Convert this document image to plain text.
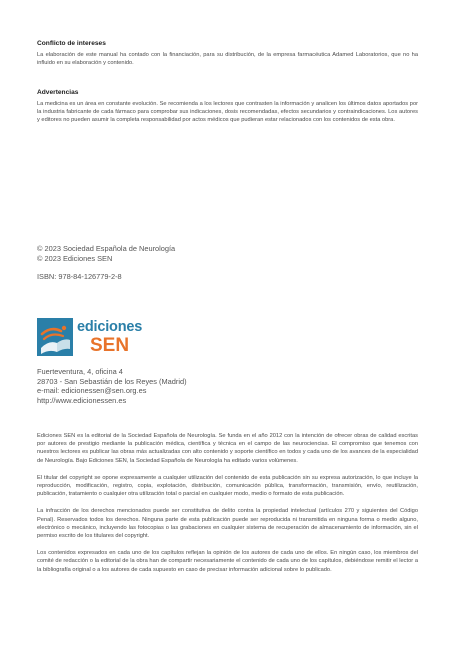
Conflicto de intereses
La elaboración de este manual ha contado con la financiación, para su distribución, de la empresa farmacéutica Adamed Laboratorios, que no ha influido en su elaboración y contenido.
Advertencias
La medicina es un área en constante evolución. Se recomienda a los lectores que contrasten la información y analicen los últimos datos aportados por la industria fabricante de cada fármaco para comprobar sus indicaciones, dosis recomendadas, efectos secundarios y contraindicaciones. Los autores y editores no pueden asumir la completa responsabilidad por actos médicos que pudieran estar relacionados con los contenidos de esta obra.
© 2023 Sociedad Española de Neurología
© 2023 Ediciones SEN
ISBN: 978-84-126779-2-8
ediciones
SEN
Fuerteventura, 4, oficina 4
28703 - San Sebastián de los Reyes (Madrid)
e-mail: edicionessen@sen.org.es
http://www.edicionessen.es
Ediciones SEN es la editorial de la Sociedad Española de Neurología. Se funda en el año 2012 con la intención de ofrecer obras de calidad escritas por autores de prestigio mediante la publicación médica, científica y técnica en el campo de las neurociencias. El compromiso que tenemos con nuestros lectores es publicar las obras más actualizadas con alto contenido y soporte científico en todos y cada uno de los avances de la especialidad de Neurología. Bajo Ediciones SEN, la Sociedad Española de Neurología ha editado varios volúmenes.
El titular del copyright se opone expresamente a cualquier utilización del contenido de esta publicación sin su expresa autorización, lo que incluye la reproducción, modificación, registro, copia, explotación, distribución, comunicación pública, transformación, transmisión, envío, reutilización, publicación, tratamiento o cualquier otra utilización total o parcial en cualquier modo, medio o formato de esta publicación.
La infracción de los derechos mencionados puede ser constitutiva de delito contra la propiedad intelectual (artículos 270 y siguientes del Código Penal). Reservados todos los derechos. Ninguna parte de esta publicación puede ser reproducida ni transmitida en ninguna forma o medio alguno, electrónico o mecánico, incluyendo las fotocopias o las grabaciones en cualquier sistema de recuperación de almacenamiento de información, sin el permiso escrito de los titulares del copyright.
Los contenidos expresados en cada uno de los capítulos reflejan la opinión de los autores de cada uno de ellos. En ningún caso, los miembros del comité de redacción o la editorial de la obra han de compartir necesariamente el contenido de cada uno de los capítulos, debiéndose remitir el lector a la bibliografía original o a los autores de cada supuesto en caso de precisar información adicional sobre lo publicado.
